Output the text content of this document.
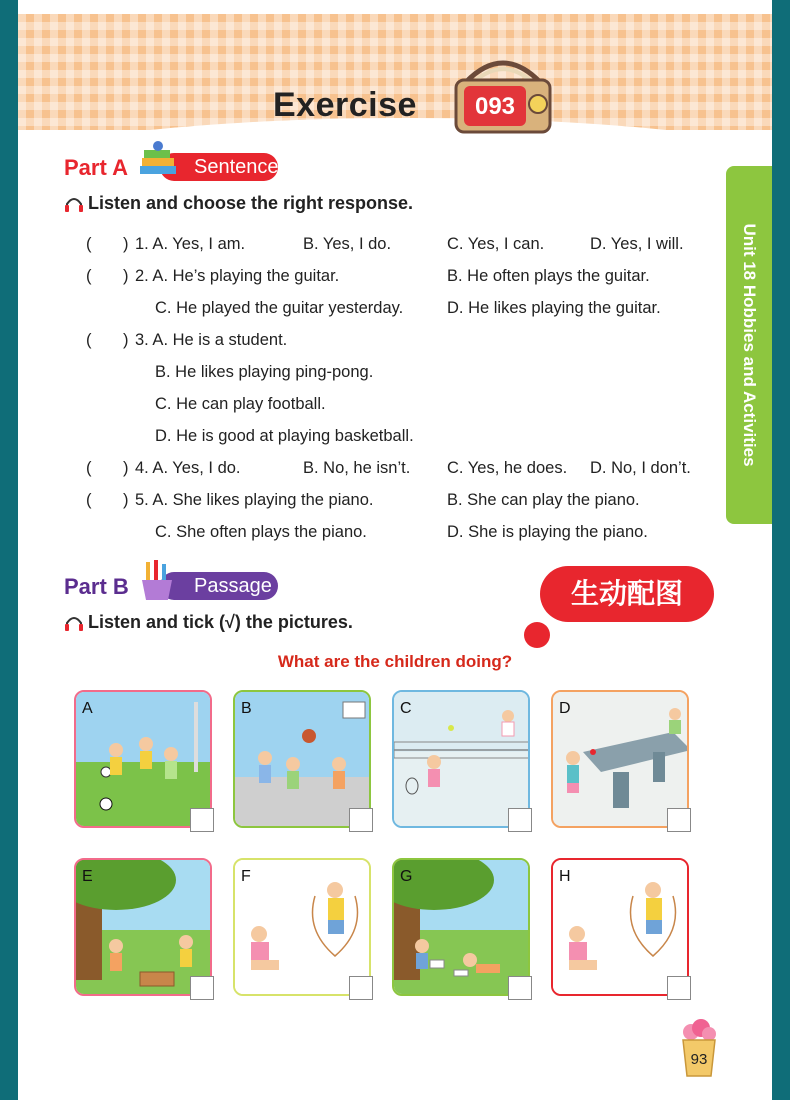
Exercise 093
Unit 18 Hobbies and Activities
Part A	Sentence
Listen and choose the right response.
( ) 1. A. Yes, I am.	B. Yes, I do.	C. Yes, I can.	D. Yes, I will.
( ) 2. A. He’s playing the guitar.	B. He often plays the guitar.
C. He played the guitar yesterday.	D. He likes playing the guitar.
( ) 3. A. He is a student.
B. He likes playing ping-pong.
C. He can play football.
D. He is good at playing basketball.
( ) 4. A. Yes, I do.	B. No, he isn’t. C. Yes, he does. D. No, I don’t.
( ) 5. A. She likes playing the piano.	B. She can play the piano.
C. She often plays the piano.	D. She is playing the piano.
Part B	Passage
Listen and tick (√) the pictures.
生动配图
What are the children doing?
A	B	C	D
E	F	G	H
93
